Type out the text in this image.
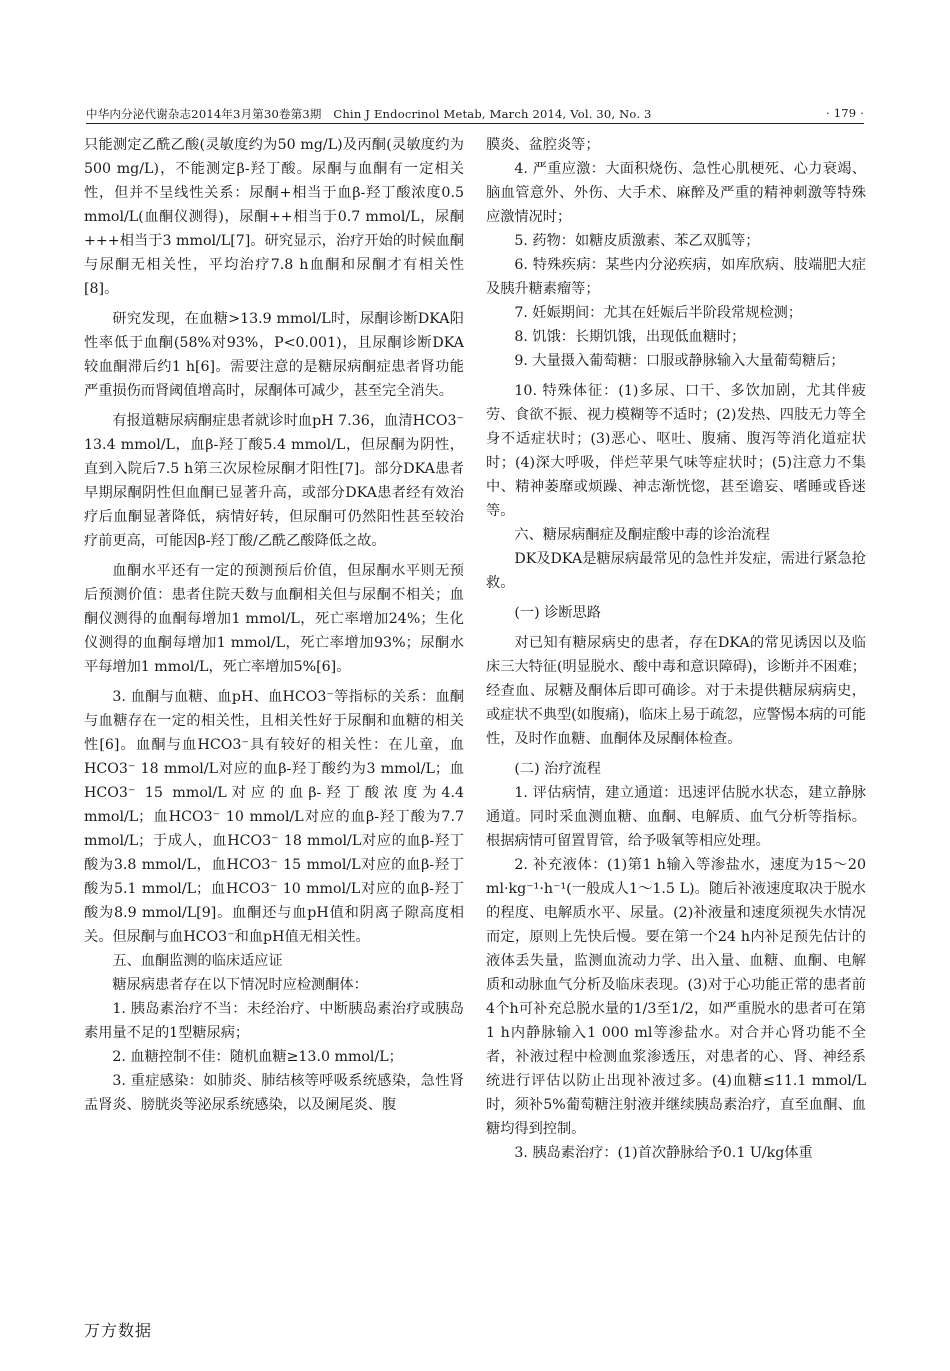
中华内分泌代谢杂志2014年3月第30卷第3期　Chin J Endocrinol Metab, March 2014, Vol. 30, No. 3	· 179 ·

只能测定乙酰乙酸(灵敏度约为50 mg/L)及丙酮(灵敏度约为500 mg/L)，不能测定β-羟丁酸。尿酮与血酮有一定相关性，但并不呈线性关系：尿酮+相当于血β-羟丁酸浓度0.5 mmol/L(血酮仪测得)，尿酮++相当于0.7 mmol/L，尿酮+++相当于3 mmol/L[7]。研究显示，治疗开始的时候血酮与尿酮无相关性，平均治疗7.8 h血酮和尿酮才有相关性[8]。

研究发现，在血糖>13.9 mmol/L时，尿酮诊断DKA阳性率低于血酮(58%对93%，P<0.001)，且尿酮诊断DKA较血酮滞后约1 h[6]。需要注意的是糖尿病酮症患者肾功能严重损伤而肾阈值增高时，尿酮体可减少，甚至完全消失。

有报道糖尿病酮症患者就诊时血pH 7.36，血清HCO3⁻ 13.4 mmol/L，血β-羟丁酸5.4 mmol/L，但尿酮为阴性，直到入院后7.5 h第三次尿检尿酮才阳性[7]。部分DKA患者早期尿酮阴性但血酮已显著升高，或部分DKA患者经有效治疗后血酮显著降低，病情好转，但尿酮可仍然阳性甚至较治疗前更高，可能因β-羟丁酸/乙酰乙酸降低之故。

血酮水平还有一定的预测预后价值，但尿酮水平则无预后预测价值：患者住院天数与血酮相关但与尿酮不相关；血酮仪测得的血酮每增加1 mmol/L，死亡率增加24%；生化仪测得的血酮每增加1 mmol/L，死亡率增加93%；尿酮水平每增加1 mmol/L，死亡率增加5%[6]。

3. 血酮与血糖、血pH、血HCO3⁻等指标的关系：血酮与血糖存在一定的相关性，且相关性好于尿酮和血糖的相关性[6]。血酮与血HCO3⁻具有较好的相关性：在儿童，血HCO3⁻ 18 mmol/L对应的血β-羟丁酸约为3 mmol/L；血HCO3⁻ 15 mmol/L对应的血β-羟丁酸浓度为4.4 mmol/L；血HCO3⁻ 10 mmol/L对应的血β-羟丁酸为7.7 mmol/L；于成人，血HCO3⁻ 18 mmol/L对应的血β-羟丁酸为3.8 mmol/L，血HCO3⁻ 15 mmol/L对应的血β-羟丁酸为5.1 mmol/L；血HCO3⁻ 10 mmol/L对应的血β-羟丁酸为8.9 mmol/L[9]。血酮还与血pH值和阴离子隙高度相关。但尿酮与血HCO3⁻和血pH值无相关性。

五、血酮监测的临床适应证

糖尿病患者存在以下情况时应检测酮体：

1. 胰岛素治疗不当：未经治疗、中断胰岛素治疗或胰岛素用量不足的1型糖尿病；

2. 血糖控制不佳：随机血糖≥13.0 mmol/L；

3. 重症感染：如肺炎、肺结核等呼吸系统感染，急性肾盂肾炎、膀胱炎等泌尿系统感染，以及阑尾炎、腹

膜炎、盆腔炎等；

4. 严重应激：大面积烧伤、急性心肌梗死、心力衰竭、脑血管意外、外伤、大手术、麻醉及严重的精神刺激等特殊应激情况时；

5. 药物：如糖皮质激素、苯乙双胍等；

6. 特殊疾病：某些内分泌疾病，如库欣病、肢端肥大症及胰升糖素瘤等；

7. 妊娠期间：尤其在妊娠后半阶段常规检测；

8. 饥饿：长期饥饿，出现低血糖时；

9. 大量摄入葡萄糖：口服或静脉输入大量葡萄糖后；

10. 特殊体征：(1)多尿、口干、多饮加剧，尤其伴疲劳、食欲不振、视力模糊等不适时；(2)发热、四肢无力等全身不适症状时；(3)恶心、呕吐、腹痛、腹泻等消化道症状时；(4)深大呼吸，伴烂苹果气味等症状时；(5)注意力不集中、精神萎靡或烦躁、神志渐恍惚，甚至谵妄、嗜睡或昏迷等。

六、糖尿病酮症及酮症酸中毒的诊治流程

DK及DKA是糖尿病最常见的急性并发症，需进行紧急抢救。

(一) 诊断思路

对已知有糖尿病史的患者，存在DKA的常见诱因以及临床三大特征(明显脱水、酸中毒和意识障碍)，诊断并不困难；经查血、尿糖及酮体后即可确诊。对于未提供糖尿病病史，或症状不典型(如腹痛)，临床上易于疏忽，应警惕本病的可能性，及时作血糖、血酮体及尿酮体检查。

(二) 治疗流程

1. 评估病情，建立通道：迅速评估脱水状态，建立静脉通道。同时采血测血糖、血酮、电解质、血气分析等指标。根据病情可留置胃管，给予吸氧等相应处理。

2. 补充液体：(1)第1 h输入等渗盐水，速度为15～20 ml·kg⁻¹·h⁻¹(一般成人1～1.5 L)。随后补液速度取决于脱水的程度、电解质水平、尿量。(2)补液量和速度须视失水情况而定，原则上先快后慢。要在第一个24 h内补足预先估计的液体丢失量，监测血流动力学、出入量、血糖、血酮、电解质和动脉血气分析及临床表现。(3)对于心功能正常的患者前4个h可补充总脱水量的1/3至1/2，如严重脱水的患者可在第1 h内静脉输入1 000 ml等渗盐水。对合并心肾功能不全者，补液过程中检测血浆渗透压，对患者的心、肾、神经系统进行评估以防止出现补液过多。(4)血糖≤11.1 mmol/L时，须补5%葡萄糖注射液并继续胰岛素治疗，直至血酮、血糖均得到控制。

3. 胰岛素治疗：(1)首次静脉给予0.1 U/kg体重

万方数据
